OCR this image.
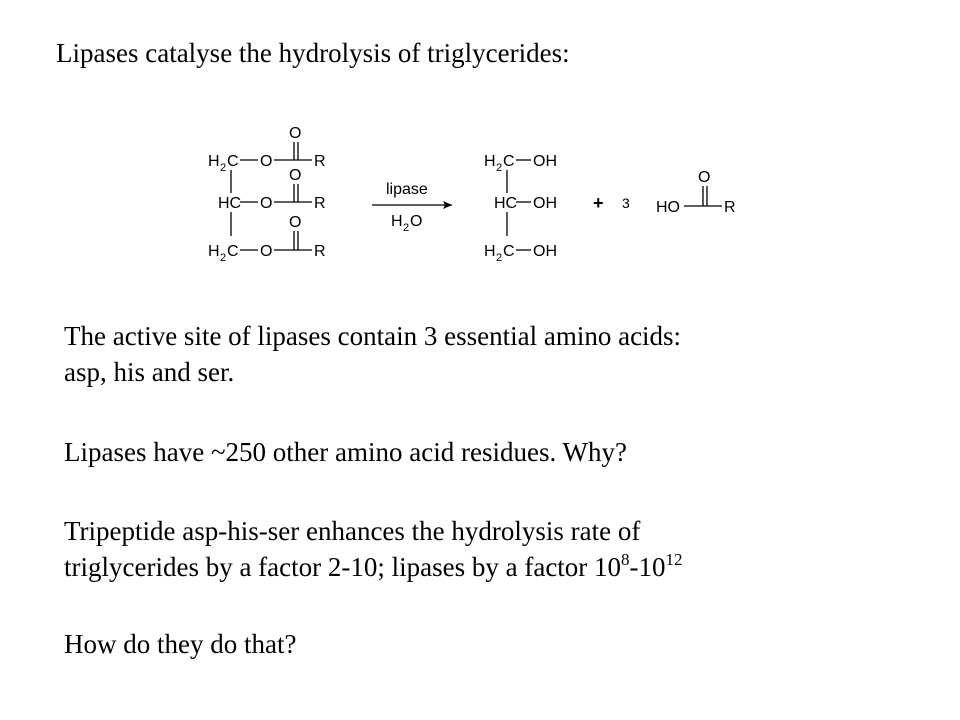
Lipases catalyse the hydrolysis of triglycerides:
H 2 C O
O
R
HC O
O
R
H 2 C O
O
R
lipase
H 2 O
H 2 C OH
HC OH
H 2 C OH
+ 3 HO
O
R
The active site of lipases contain 3 essential amino acids:
asp, his and ser.
Lipases have ~250 other amino acid residues. Why?
Tripeptide asp-his-ser enhances the hydrolysis rate of
triglycerides by a factor 2-10; lipases by a factor $10^8-10^{12}$
How do they do that?
